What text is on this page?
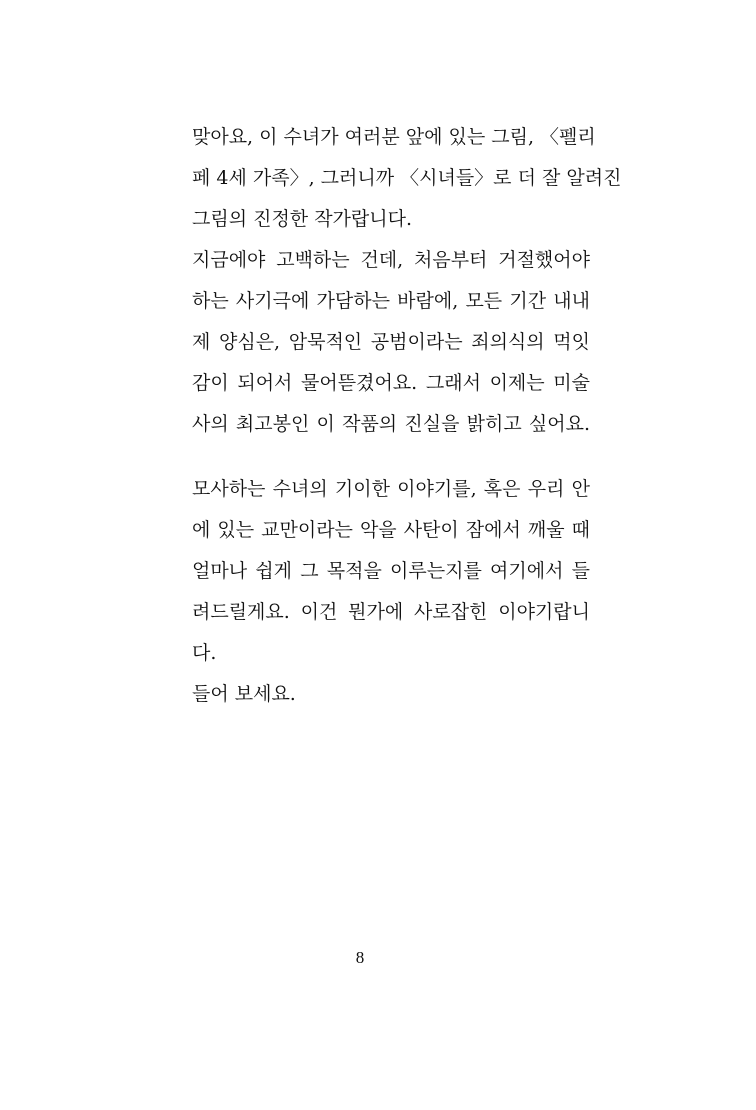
맞아요, 이 수녀가 여러분 앞에 있는 그림, 〈펠리
페 4세 가족〉, 그러니까 〈시녀들〉로 더 잘 알려진
그림의 진정한 작가랍니다.
지금에야 고백하는 건데, 처음부터 거절했어야
하는 사기극에 가담하는 바람에, 모든 기간 내내
제 양심은, 암묵적인 공범이라는 죄의식의 먹잇
감이 되어서 물어뜯겼어요. 그래서 이제는 미술
사의 최고봉인 이 작품의 진실을 밝히고 싶어요.
모사하는 수녀의 기이한 이야기를, 혹은 우리 안
에 있는 교만이라는 악을 사탄이 잠에서 깨울 때
얼마나 쉽게 그 목적을 이루는지를 여기에서 들
려드릴게요. 이건 뭔가에 사로잡힌 이야기랍니
다.
들어 보세요.
8
